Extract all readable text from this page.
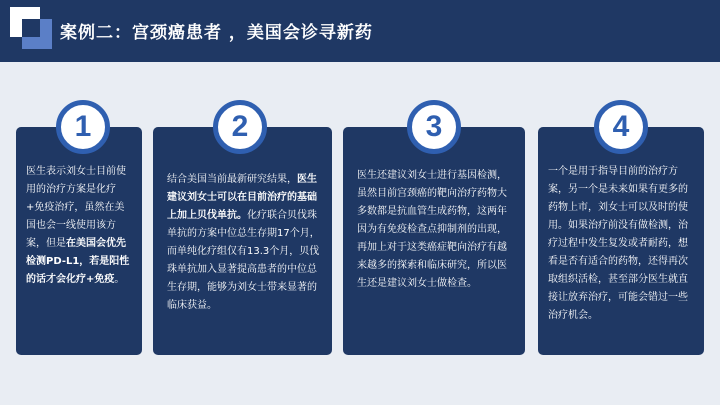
案例二：宫颈癌患者 ，美国会诊寻新药
医生表示刘女士目前使用的治疗方案是化疗+免疫治疗，虽然在美国也会一线使用该方案，但是在美国会优先检测PD-L1，若是阳性的话才会化疗+免疫。
结合美国当前最新研究结果，医生建议刘女士可以在目前治疗的基础上加上贝伐单抗。化疗联合贝伐珠单抗的方案中位总生存期17个月，而单纯化疗组仅有13.3个月，贝伐珠单抗加入显著提高患者的中位总生存期，能够为刘女士带来显著的临床获益。
医生还建议刘女士进行基因检测，虽然目前宫颈癌的靶向治疗药物大多数都是抗血管生成药物，这两年因为有免疫检查点抑制剂的出现，再加上对于这类癌症靶向治疗有越来越多的探索和临床研究，所以医生还是建议刘女士做检查。
一个是用于指导目前的治疗方案，另一个是未来如果有更多的药物上市，刘女士可以及时的使用。如果治疗前没有做检测，治疗过程中发生复发或者耐药，想看是否有适合的药物，还得再次取组织活检，甚至部分医生就直接让放弃治疗，可能会错过一些治疗机会。
1	2	3	4
